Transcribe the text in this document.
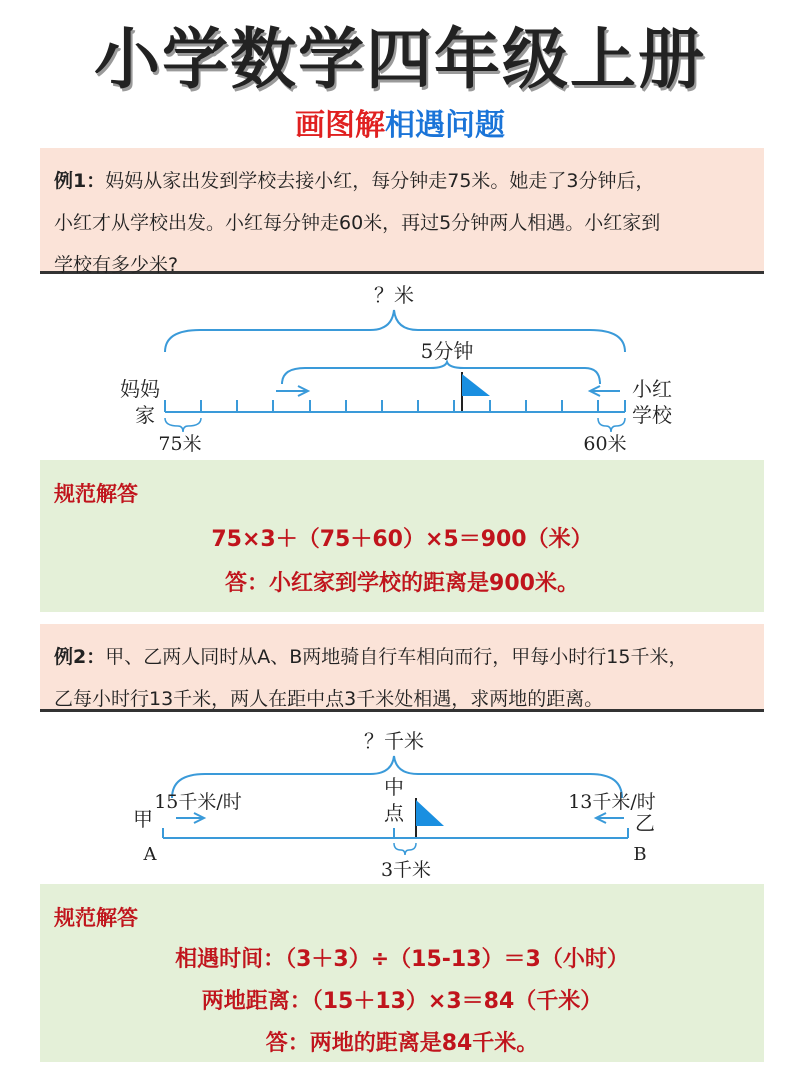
小学数学四年级上册
画图解相遇问题
例1：妈妈从家出发到学校去接小红，每分钟走75米。她走了3分钟后，
小红才从学校出发。小红每分钟走60米，再过5分钟两人相遇。小红家到
学校有多少米?
？米
5分钟
妈妈
家
小红
学校
75米	60米
规范解答
75×3＋（75＋60）×5＝900（米）
答：小红家到学校的距离是900米。
例2：甲、乙两人同时从A、B两地骑自行车相向而行，甲每小时行15千米，
乙每小时行13千米，两人在距中点3千米处相遇，求两地的距离。
？千米
中
点
15千米/时	13千米/时
甲	乙
A	B
3千米
规范解答
相遇时间：（3＋3）÷（15-13）＝3（小时）
两地距离：（15＋13）×3＝84（千米）
答：两地的距离是84千米。
